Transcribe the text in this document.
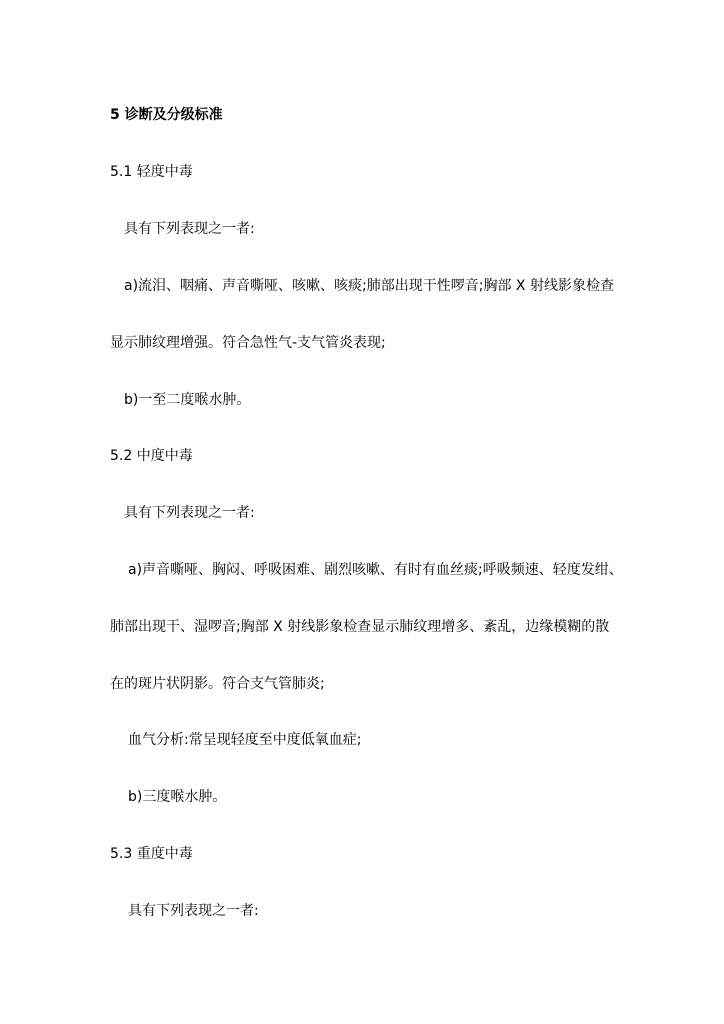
5 诊断及分级标准
5.1 轻度中毒
具有下列表现之一者:
a)流泪、咽痛、声音嘶哑、咳嗽、咳痰;肺部出现干性啰音;胸部 X 射线影象检查
显示肺纹理增强。符合急性气-支气管炎表现;
b)一至二度喉水肿。
5.2 中度中毒
具有下列表现之一者:
a)声音嘶哑、胸闷、呼吸困难、剧烈咳嗽、有时有血丝痰;呼吸频速、轻度发绀、
肺部出现干、湿啰音;胸部 X 射线影象检查显示肺纹理增多、紊乱，边缘模糊的散
在的斑片状阴影。符合支气管肺炎;
血气分析:常呈现轻度至中度低氧血症;
b)三度喉水肿。
5.3 重度中毒
具有下列表现之一者:
